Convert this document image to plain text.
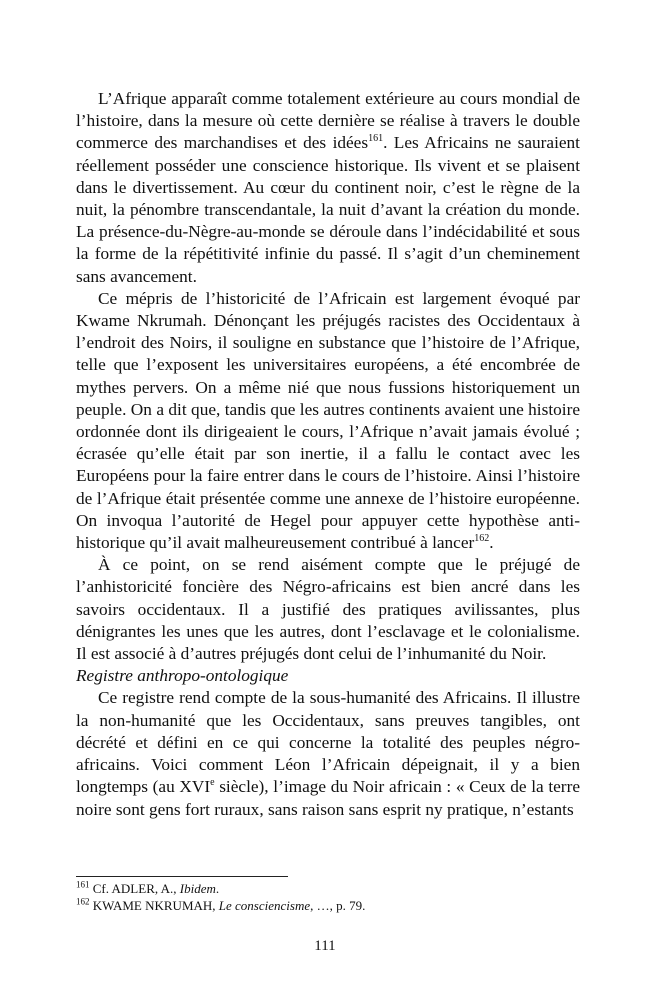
L’Afrique apparaît comme totalement extérieure au cours mondial de l’histoire, dans la mesure où cette dernière se réalise à travers le double commerce des marchandises et des idées$^{161}$. Les Africains ne sauraient réellement posséder une conscience historique. Ils vivent et se plaisent dans le divertissement. Au cœur du continent noir, c’est le règne de la nuit, la pénombre transcendantale, la nuit d’avant la création du monde. La présence-du-Nègre-au-monde se déroule dans l’indécidabilité et sous la forme de la répétitivité infinie du passé. Il s’agit d’un cheminement sans avancement.

Ce mépris de l’historicité de l’Africain est largement évoqué par Kwame Nkrumah. Dénonçant les préjugés racistes des Occidentaux à l’endroit des Noirs, il souligne en substance que l’histoire de l’Afrique, telle que l’exposent les universitaires européens, a été encombrée de mythes pervers. On a même nié que nous fussions historiquement un peuple. On a dit que, tandis que les autres continents avaient une histoire ordonnée dont ils dirigeaient le cours, l’Afrique n’avait jamais évolué ; écrasée qu’elle était par son inertie, il a fallu le contact avec les Européens pour la faire entrer dans le cours de l’histoire. Ainsi l’histoire de l’Afrique était présentée comme une annexe de l’histoire européenne. On invoqua l’autorité de Hegel pour appuyer cette hypothèse anti-historique qu’il avait malheureusement contribué à lancer$^{162}$.

À ce point, on se rend aisément compte que le préjugé de l’anhistoricité foncière des Négro-africains est bien ancré dans les savoirs occidentaux. Il a justifié des pratiques avilissantes, plus dénigrantes les unes que les autres, dont l’esclavage et le colonialisme. Il est associé à d’autres préjugés dont celui de l’inhumanité du Noir.

Registre anthropo-ontologique

Ce registre rend compte de la sous-humanité des Africains. Il illustre la non-humanité que les Occidentaux, sans preuves tangibles, ont décrété et défini en ce qui concerne la totalité des peuples négro-africains. Voici comment Léon l’Africain dépeignait, il y a bien longtemps (au XVIe siècle), l’image du Noir africain : « Ceux de la terre noire sont gens fort ruraux, sans raison sans esprit ny pratique, n’estants

$^{161}$ Cf. ADLER, A., Ibidem.

$^{162}$ KWAME NKRUMAH, Le consciencisme, …, p. 79.

111
